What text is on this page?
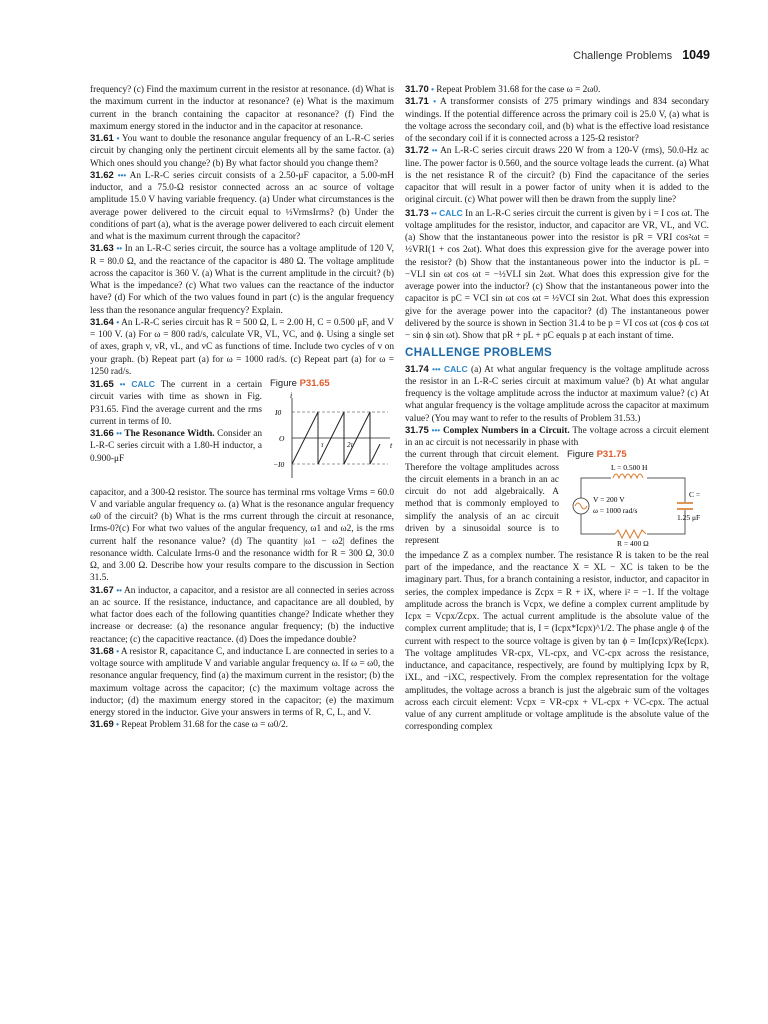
Challenge Problems 1049

frequency? (c) Find the maximum current in the resistor at resonance. (d) What is the maximum current in the inductor at resonance? (e) What is the maximum current in the branch containing the capacitor at resonance? (f) Find the maximum energy stored in the inductor and in the capacitor at resonance.

31.61 • You want to double the resonance angular frequency of an L-R-C series circuit by changing only the pertinent circuit elements all by the same factor. (a) Which ones should you change? (b) By what factor should you change them?

31.62 ••• An L-R-C series circuit consists of a 2.50-μF capacitor, a 5.00-mH inductor, and a 75.0-Ω resistor connected across an ac source of voltage amplitude 15.0 V having variable frequency. (a) Under what circumstances is the average power delivered to the circuit equal to ½VrmsIrms? (b) Under the conditions of part (a), what is the average power delivered to each circuit element and what is the maximum current through the capacitor?

31.63 •• In an L-R-C series circuit, the source has a voltage amplitude of 120 V, R = 80.0 Ω, and the reactance of the capacitor is 480 Ω. The voltage amplitude across the capacitor is 360 V. (a) What is the current amplitude in the circuit? (b) What is the impedance? (c) What two values can the reactance of the inductor have? (d) For which of the two values found in part (c) is the angular frequency less than the resonance angular frequency? Explain.

31.64 • An L-R-C series circuit has R = 500 Ω, L = 2.00 H, C = 0.500 μF, and V = 100 V. (a) For ω = 800 rad/s, calculate VR, VL, VC, and ϕ. Using a single set of axes, graph v, vR, vL, and vC as functions of time. Include two cycles of v on your graph. (b) Repeat part (a) for ω = 1000 rad/s. (c) Repeat part (a) for ω = 1250 rad/s.

31.65 •• CALC The current in a certain circuit varies with time as shown in Fig. P31.65. Find the average current and the rms current in terms of I0.

31.66 •• The Resonance Width. Consider an L-R-C series circuit with a 1.80-H inductor, a 0.900-μF

Figure P31.65
i
t
I0
O
−I0
τ	2τ

capacitor, and a 300-Ω resistor. The source has terminal rms voltage Vrms = 60.0 V and variable angular frequency ω. (a) What is the resonance angular frequency ω0 of the circuit? (b) What is the rms current through the circuit at resonance, Irms-0?(c) For what two values of the angular frequency, ω1 and ω2, is the rms current half the resonance value? (d) The quantity |ω1 − ω2| defines the resonance width. Calculate Irms-0 and the resonance width for R = 300 Ω, 30.0 Ω, and 3.00 Ω. Describe how your results compare to the discussion in Section 31.5.

31.67 •• An inductor, a capacitor, and a resistor are all connected in series across an ac source. If the resistance, inductance, and capacitance are all doubled, by what factor does each of the following quantities change? Indicate whether they increase or decrease: (a) the resonance angular frequency; (b) the inductive reactance; (c) the capacitive reactance. (d) Does the impedance double?

31.68 • A resistor R, capacitance C, and inductance L are connected in series to a voltage source with amplitude V and variable angular frequency ω. If ω = ω0, the resonance angular frequency, find (a) the maximum current in the resistor; (b) the maximum voltage across the capacitor; (c) the maximum voltage across the inductor; (d) the maximum energy stored in the capacitor; (e) the maximum energy stored in the inductor. Give your answers in terms of R, C, L, and V.

31.69 • Repeat Problem 31.68 for the case ω = ω0/2.

31.70 • Repeat Problem 31.68 for the case ω = 2ω0.

31.71 • A transformer consists of 275 primary windings and 834 secondary windings. If the potential difference across the primary coil is 25.0 V, (a) what is the voltage across the secondary coil, and (b) what is the effective load resistance of the secondary coil if it is connected across a 125-Ω resistor?

31.72 •• An L-R-C series circuit draws 220 W from a 120-V (rms), 50.0-Hz ac line. The power factor is 0.560, and the source voltage leads the current. (a) What is the net resistance R of the circuit? (b) Find the capacitance of the series capacitor that will result in a power factor of unity when it is added to the original circuit. (c) What power will then be drawn from the supply line?

31.73 •• CALC In an L-R-C series circuit the current is given by i = I cos ωt. The voltage amplitudes for the resistor, inductor, and capacitor are VR, VL, and VC. (a) Show that the instantaneous power into the resistor is pR = VRI cos²ωt = ½VRI(1 + cos 2ωt). What does this expression give for the average power into the resistor? (b) Show that the instantaneous power into the inductor is pL = −VLI sin ωt cos ωt = −½VLI sin 2ωt. What does this expression give for the average power into the inductor? (c) Show that the instantaneous power into the capacitor is pC = VCI sin ωt cos ωt = ½VCI sin 2ωt. What does this expression give for the average power into the capacitor? (d) The instantaneous power delivered by the source is shown in Section 31.4 to be p = VI cos ωt (cos ϕ cos ωt − sin ϕ sin ωt). Show that pR + pL + pC equals p at each instant of time.

CHALLENGE PROBLEMS

31.74 ••• CALC (a) At what angular frequency is the voltage amplitude across the resistor in an L-R-C series circuit at maximum value? (b) At what angular frequency is the voltage amplitude across the inductor at maximum value? (c) At what angular frequency is the voltage amplitude across the capacitor at maximum value? (You may want to refer to the results of Problem 31.53.)

31.75 ••• Complex Numbers in a Circuit. The voltage across a circuit element in an ac circuit is not necessarily in phase with

the current through that circuit element. Therefore the voltage amplitudes across the circuit elements in a branch in an ac circuit do not add algebraically. A method that is commonly employed to simplify the analysis of an ac circuit driven by a sinusoidal source is to represent

Figure P31.75
L = 0.500 H
V = 200 V
ω = 1000 rad/s
C =
1.25 μF
R = 400 Ω

the impedance Z as a complex number. The resistance R is taken to be the real part of the impedance, and the reactance X = XL − XC is taken to be the imaginary part. Thus, for a branch containing a resistor, inductor, and capacitor in series, the complex impedance is Zcpx = R + iX, where i² = −1. If the voltage amplitude across the branch is Vcpx, we define a complex current amplitude by Icpx = Vcpx/Zcpx. The actual current amplitude is the absolute value of the complex current amplitude; that is, I = (Icpx*Icpx)^1/2. The phase angle ϕ of the current with respect to the source voltage is given by tan ϕ = Im(Icpx)/Re(Icpx). The voltage amplitudes VR-cpx, VL-cpx, and VC-cpx across the resistance, inductance, and capacitance, respectively, are found by multiplying Icpx by R, iXL, and −iXC, respectively. From the complex representation for the voltage amplitudes, the voltage across a branch is just the algebraic sum of the voltages across each circuit element: Vcpx = VR-cpx + VL-cpx + VC-cpx. The actual value of any current amplitude or voltage amplitude is the absolute value of the corresponding complex
